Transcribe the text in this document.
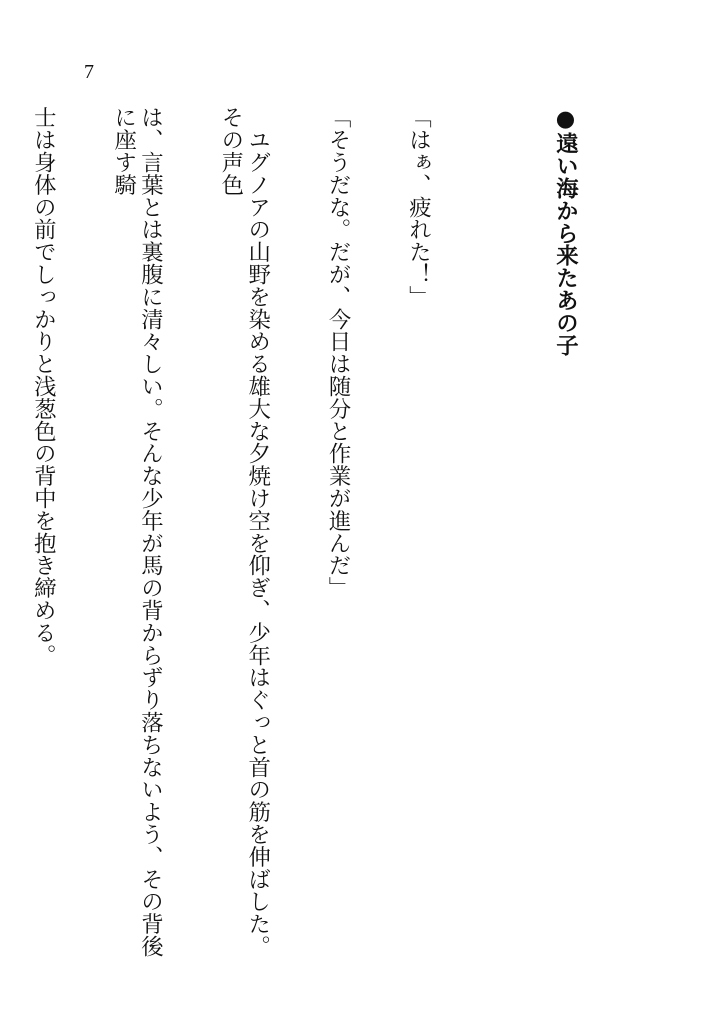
7

●遠い海から来たあの子

「はぁ、疲れた！」

「そうだな。だが、今日は随分と作業が進んだ」

　ユグノアの山野を染める雄大な夕焼け空を仰ぎ、少年はぐっと首の筋を伸ばした。その声色

は、言葉とは裏腹に清々しい。そんな少年が馬の背からずり落ちないよう、その背後に座す騎

士は身体の前でしっかりと浅葱色の背中を抱き締める。
